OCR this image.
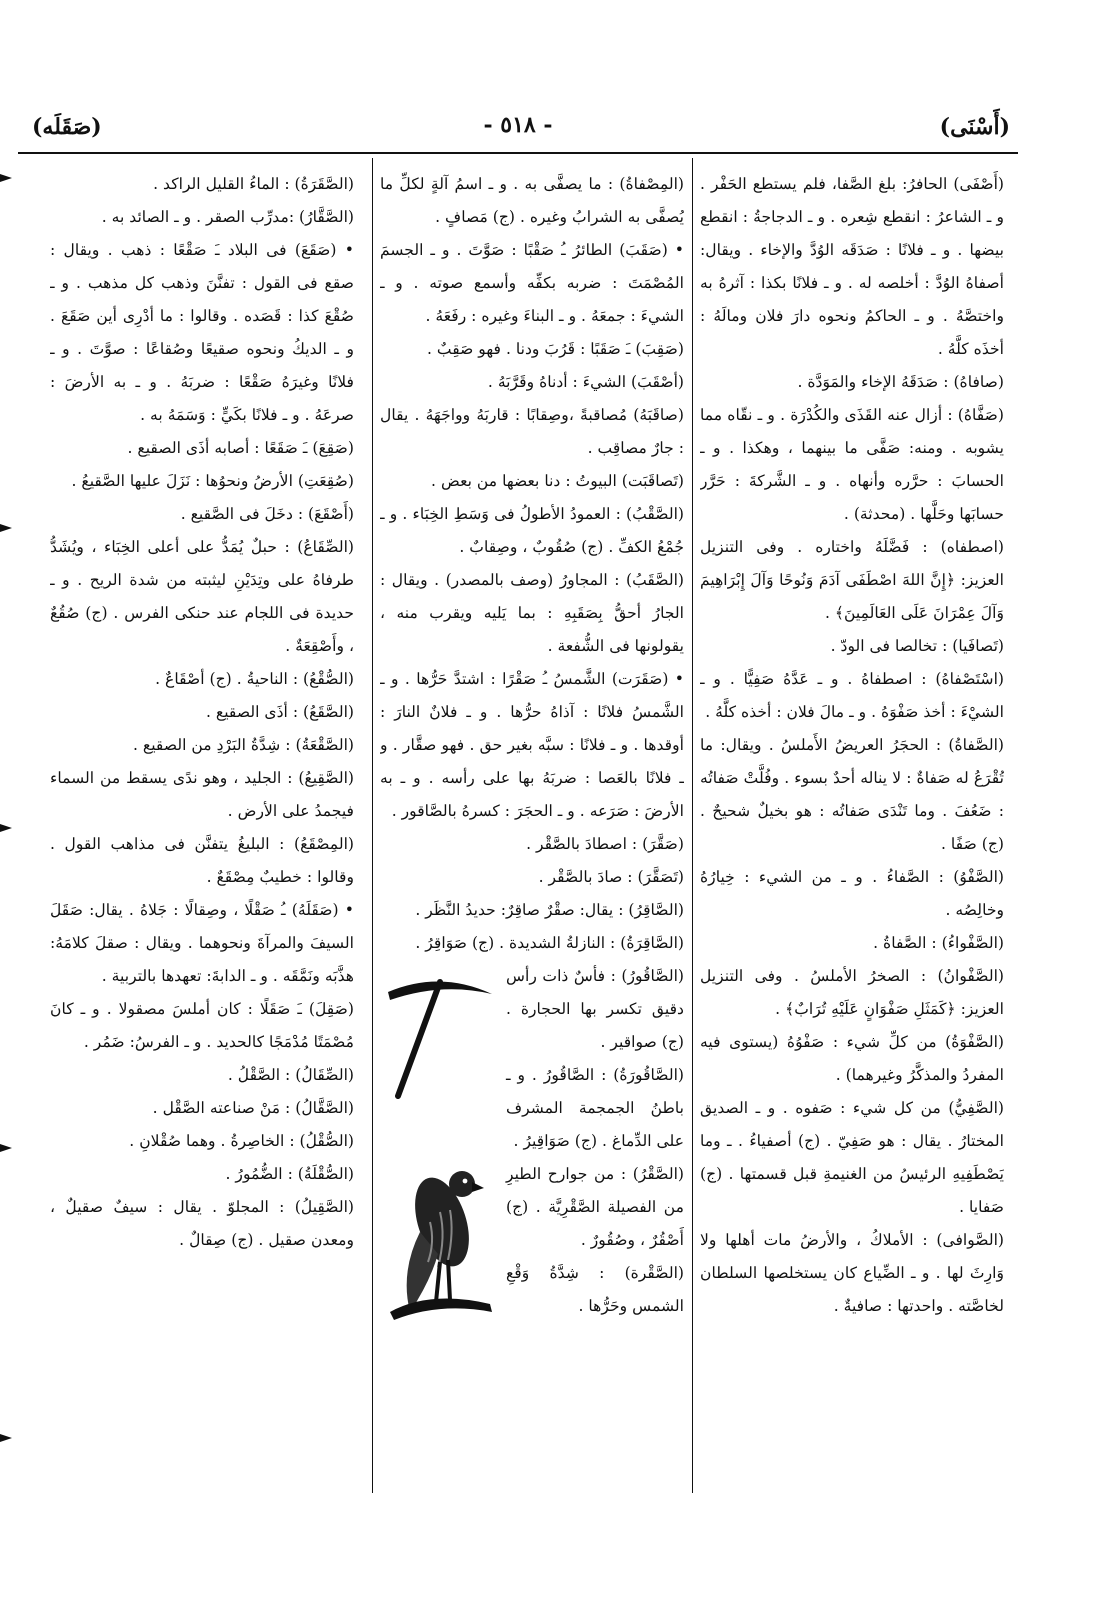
(أَسْنَى)
- ٥١٨ -
(صَقَلَه)

(أَصْفَى) الحافرُ: بلغ الصَّفا، فلم يستطع الحَفْر . و ـ الشاعرُ : انقطع شِعره . و ـ الدجاجةُ : انقطع بيضها . و ـ فلانًا : صَدَقَه الوُدَّ والإخاء . ويقال: أصفاهُ الوُدَّ : أخلصه له . و ـ فلانًا بكذا : آثرهُ به واختصَّهُ . و ـ الحاكمُ ونحوه دارَ فلان ومالَهُ : أخذَه كلَّهُ .

(صافاهُ) : صَدَقَهُ الإخاء والمَوَدَّة .

(صَفَّاهُ) : أزال عنه القَذَى والكُدْرَة . و ـ نقّاه مما يشوبه . ومنه: صَفَّى ما بينهما ، وهكذا . و ـ الحسابَ : حرَّره وأنهاه . و ـ الشَّركةَ : حَرَّر حسابَها وحَلَّها . (محدثة) .

(اصطفاه) : فَضَّلَهُ واختاره . وفى التنزيل العزيز: ﴿إِنَّ اللهَ اصْطَفَى آدَمَ وَنُوحًا وَآلَ إِبْرَاهِيمَ وَآلَ عِمْرَانَ عَلَى العَالَمِينَ﴾ .

(تَصافَيا) : تخالصا فى الودّ .

(اسْتَصْفاهُ) : اصطفاهُ . و ـ عَدَّهُ صَفِيًّا . و ـ الشيْءَ : أخذ صَفْوَهُ . و ـ مالَ فلان : أخذه كلَّهُ .

(الصَّفاةُ) : الحجَرُ العريضُ الأَملسُ . ويقال: ما تُقْرَعُ له صَفاةٌ : لا يناله أحدٌ بسوء . وفُلَّتْ صَفاتُه : ضَعُفَ . وما تَنْدَى صَفاتُه : هو بخيلٌ شحيحٌ . (ج) صَفًا .

(الصَّفْوُ) : الصَّفاءُ . و ـ من الشيء : خِيارُهُ وخالِصُه .

(الصَّفْواءُ) : الصَّفاةُ .

(الصَّفْوانُ) : الصخرُ الأملسُ . وفى التنزيل العزيز: ﴿كَمَثَلِ صَفْوَانٍ عَلَيْهِ تُرَابٌ﴾ .

(الصَّفْوَةُ) من كلِّ شيء : صَفْوُهُ (يستوى فيه المفردُ والمذكَّرُ وغيرهما) .

(الصَّفِيُّ) من كل شيء : صَفوه . و ـ الصديق المختارُ . يقال : هو صَفِيّ . (ج) أصفياءُ . ـ وما يَصْطَفِيهِ الرئيسُ من الغنيمةِ قبل قسمتها . (ج) صَفايا .

(الصَّوافى) : الأملاكُ ، والأرضُ مات أهلها ولا وَارِثَ لها . و ـ الضِّياع كان يستخلصها السلطان لخاصَّته . واحدتها : صافيةٌ .

(المِصْفاةُ) : ما يصفَّى به . و ـ اسمُ آلةٍ لكلِّ ما يُصفَّى به الشرابُ وغيره . (ج) مَصافٍ .

• (صَقَبَ) الطائرُ ـُ صَقْبًا : صَوَّتَ . و ـ الجسمَ المُصْمَتَ : ضربه بكفِّه وأسمع صوته . و ـ الشيءَ : جمعَهُ . و ـ البناءَ وغيره : رفَعَهُ .

(صَقِبَ) ـَ صَقَبًا : قَرُبَ ودنا . فهو صَقِبٌ .

(أصْقَبَ) الشيءَ : أدناهُ وقَرَّبَهُ .

(صاقَبَهُ) مُصاقبةً ،وصِقابًا : قاربَهُ وواجَهَهُ . يقال : جارٌ مصاقِب .

(تَصاقَبَت) البيوتُ : دنا بعضها من بعض .

(الصَّقْبُ) : العمودُ الأطولُ فى وَسَطِ الخِبَاء . و ـ جُمْعُ الكفِّ . (ج) صُقُوبٌ ، وصِقابٌ .

(الصَّقَبُ) : المجاورُ (وصف بالمصدر) . ويقال : الجارُ أحقُّ بِصَقَبِهِ : بما يَليه ويقرب منه ، يقولونها فى الشُّفعة .

• (صَقَرَت) الشَّمسُ ـُ صَقْرًا : اشتدَّ حَرُّها . و ـ الشَّمسُ فلانًا : آذاهُ حرُّها . و ـ فلانٌ النارَ : أوقدها . و ـ فلانًا : سبَّه بغير حق . فهو صقَّار . و ـ فلانًا بالعَصا : ضربَهُ بها على رأسه . و ـ به الأرضَ : صَرَعه . و ـ الحجَرَ : كسرهُ بالصَّاقور .

(صَقَّرَ) : اصطادَ بالصَّقْر .

(تَصَقَّرَ) : صادَ بالصَّقْر .

(الصَّاقِرُ) : يقال: صقْرٌ صاقِرٌ: حديدُ النَّظَر .

(الصَّاقِرَةُ) : النازلةُ الشديدة . (ج) صَوَاقِرُ .

(الصَّاقُورُ) : فأسٌ ذات رأس دقيق تكسر بها الحجارة . (ج) صواقير .

(الصَّاقُورَةُ) : الصَّاقُورُ . و ـ باطنُ الجمجمة المشرف على الدِّماغ . (ج) صَوَاقِيرُ .

(الصَّقْرُ) : من جوارح الطيرِ من الفصيلة الصَّقْرِيَّة . (ج) أَصْقُرٌ ، وصُقُورٌ .

(الصَّقْرة) : شِدَّةُ وَقْعِ الشمس وحَرُّها .

(الصَّقَرَةُ) : الماءُ القليل الراكد .

(الصَّقَّارُ) :مدرِّب الصقر . و ـ الصائد به .

• (صَقَعَ) فى البلاد ـَ صَقْعًا : ذهب . ويقال : صقع فى القول : تفنَّنَ وذهب كل مذهب . و ـ صُقْعَ كذا : قَصَده . وقالوا : ما أدْرِى أين صَقَعَ . و ـ الديكُ ونحوه صقيعًا وصُقاعًا : صوَّتَ . و ـ فلانًا وغيرَهُ صَقْعًا : ضربَهُ . و ـ به الأرضَ : صرعَهُ . و ـ فلانًا بكَيٍّ : وَسَمَهُ به .

(صَقِعَ) ـَ صَقَعًا : أصابه أذَى الصقيع .

(صُقِعَتِ) الأرضُ ونحوُها : نَزَلَ عليها الصَّقيعُ .

(أَصْقَعَ) : دخَلَ فى الصَّقيع .

(الصِّقَاعُ) : حبلٌ يُمَدُّ على أعلى الخِبَاء ، ويُشَدُّ طرفاهُ على وتِدَيْنِ ليثبته من شدة الريح . و ـ حديدة فى اللجام عند حنكى الفرس . (ج) صُقُعٌ ، وأَصْقِعَةٌ .

(الصُّقْعُ) : الناحيةُ . (ج) أصْقَاعٌ .

(الصَّقَعُ) : أذَى الصقيع .

(الصَّقْعَةُ) : شِدَّةُ البَرْدِ من الصقيع .

(الصَّقِيعُ) : الجليد ، وهو ندًى يسقط من السماء فيجمدُ على الأرض .

(المِصْقَعُ) : البليغُ يتفنَّن فى مذاهب القول . وقالوا : خطيبٌ مِصْقَعٌ .

• (صَقَلَهُ) ـُ صَقْلًا ، وصِقالًا : جَلاهُ . يقال: صَقَلَ السيفَ والمرآةَ ونحوهما . ويقال : صقلَ كلامَهُ: هذَّبَه ونَمَّقَه . و ـ الدابةَ: تعهدها بالتربية .

(صَقِلَ) ـَ صَقَلًا : كان أملسَ مصقولا . و ـ كانَ مُصْمَتًا مُدْمَجًا كالحديد . و ـ الفرسُ: ضَمُر .

(الصِّقَالُ) : الصَّقْلُ .

(الصَّقَّالُ) : مَنْ صناعته الصَّقْل .

(الصُّقْلُ) : الخاصِرةُ . وهما صُقْلانِ .

(الصُّقْلَةُ) : الضُّمُورُ .

(الصَّقِيلُ) : المجلوّ . يقال : سيفٌ صقيلٌ ، ومعدن صقيل . (ج) صِقالٌ .
